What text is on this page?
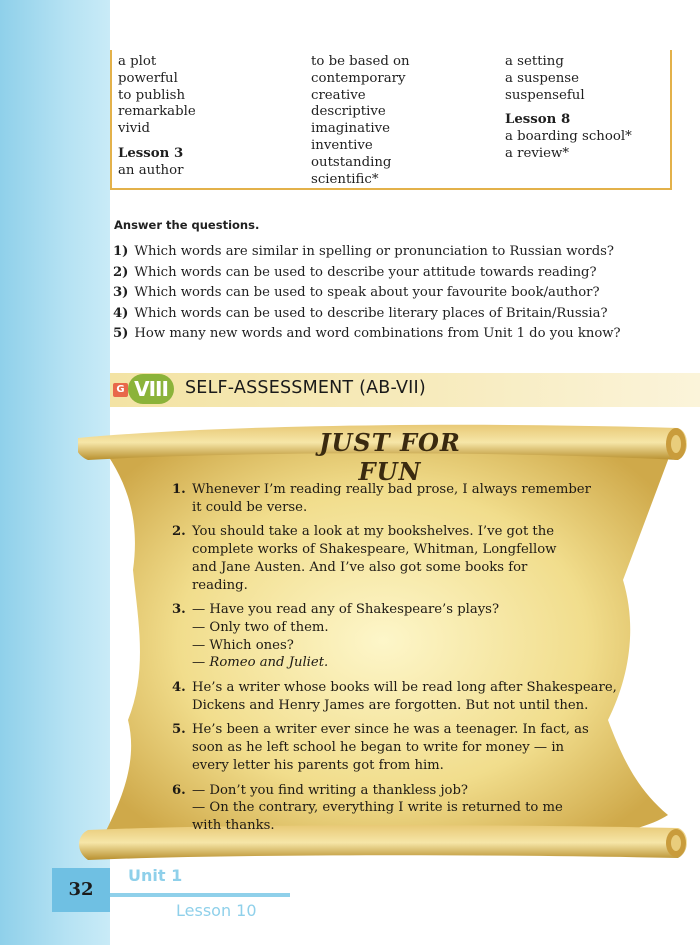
a plot
powerful
to publish
remarkable
vivid
Lesson 3
an author
to be based on
contemporary
creative
descriptive
imaginative
inventive
outstanding
scientific*
a setting
a suspense
suspenseful
Lesson 8
a boarding school*
a review*
Answer the questions.
1) Which words are similar in spelling or pronunciation to Russian words?
2) Which words can be used to describe your attitude towards reading?
3) Which words can be used to speak about your favourite book/author?
4) Which words can be used to describe literary places of Britain/Russia?
5) How many new words and word combinations from Unit 1 do you know?
G VIII SELF-ASSESSMENT (AB-VII)
JUST FOR FUN
1. Whenever I’m reading really bad prose, I always remember
it could be verse.
2. You should take a look at my bookshelves. I’ve got the
complete works of Shakespeare, Whitman, Longfellow
and Jane Austen. And I’ve also got some books for
reading.
3. — Have you read any of Shakespeare’s plays?
— Only two of them.
— Which ones?
— Romeo and Juliet.
4. He’s a writer whose books will be read long after Shakespeare,
Dickens and Henry James are forgotten. But not until then.
5. He’s been a writer ever since he was a teenager. In fact, as
soon as he left school he began to write for money — in
every letter his parents got from him.
6. — Don’t you find writing a thankless job?
— On the contrary, everything I write is returned to me
with thanks.
32
Unit 1
Lesson 10
